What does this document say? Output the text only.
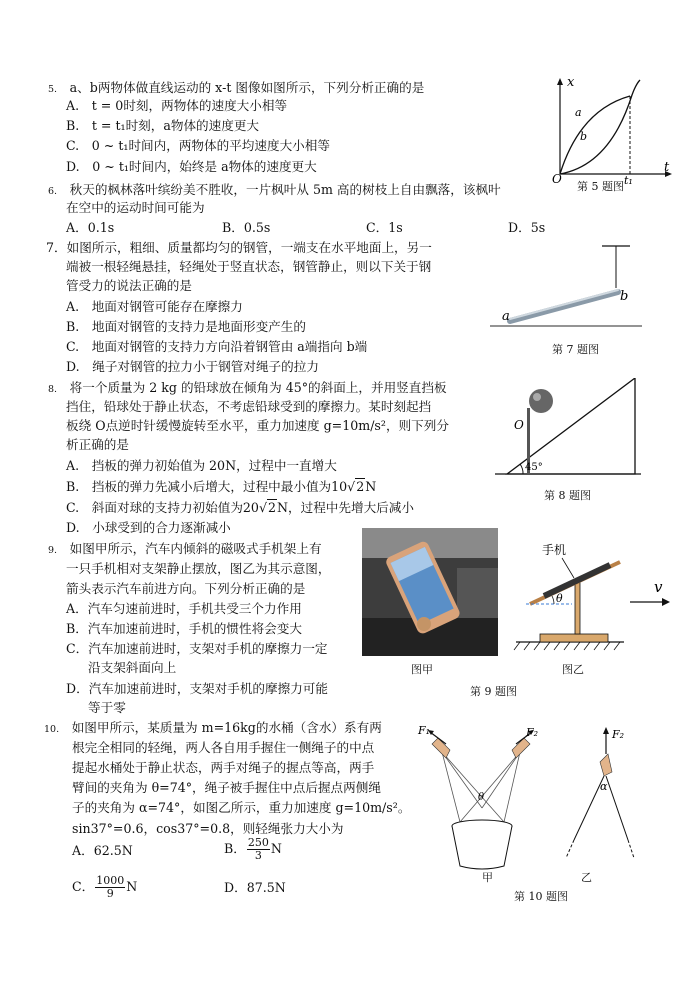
5.　 a、b两物体做直线运动的 x-t 图像如图所示，下列分析正确的是
A.　t = 0时刻，两物体的速度大小相等
B.　t = t₁时刻，a物体的速度更大
C.　0 ~ t₁时间内，两物体的平均速度大小相等
D.　0 ~ t₁时间内，始终是 a物体的速度更大
x
t
O
a
b
t₁
第 5 题图
6.　 秋天的枫林落叶缤纷美不胜收，一片枫叶从 5m 高的树枝上自由飘落，该枫叶
在空中的运动时间可能为
A．0.1s	B．0.5s	C．1s	D．5s
7．如图所示，粗细、质量都均匀的钢管，一端支在水平地面上，另一
端被一根轻绳悬挂，轻绳处于竖直状态，钢管静止，则以下关于钢
管受力的说法正确的是
A.　地面对钢管可能存在摩擦力
B.　地面对钢管的支持力是地面形变产生的
C.　地面对钢管的支持力方向沿着钢管由 a端指向 b端
D.　绳子对钢管的拉力小于钢管对绳子的拉力
a
b
第 7 题图
8.　 将一个质量为 2 kg 的铅球放在倾角为 45°的斜面上，并用竖直挡板
挡住，铅球处于静止状态，不考虑铅球受到的摩擦力。某时刻起挡
板绕 O点逆时针缓慢旋转至水平，重力加速度 g=10m/s²，则下列分
析正确的是
A.　挡板的弹力初始值为 20N，过程中一直增大
B.　挡板的弹力先减小后增大，过程中最小值为10√2N
C.　斜面对球的支持力初始值为20√2N，过程中先增大后减小
D.　小球受到的合力逐渐减小
O
45°
第 8 题图
9.　 如图甲所示，汽车内倾斜的磁吸式手机架上有
一只手机相对支架静止摆放，图乙为其示意图，
箭头表示汽车前进方向。下列分析正确的是
A．汽车匀速前进时，手机共受三个力作用
B．汽车加速前进时，手机的惯性将会变大
C．汽车加速前进时，支架对手机的摩擦力一定
沿支架斜面向上
D．汽车加速前进时，支架对手机的摩擦力可能
等于零
图甲
手机
θ
v
图乙
第 9 题图
10.　 如图甲所示，某质量为 m=16kg的水桶（含水）系有两
根完全相同的轻绳，两人各自用手握住一侧绳子的中点
提起水桶处于静止状态，两手对绳子的握点等高，两手
臂间的夹角为 θ=74°，绳子被手握住中点后握点两侧绳
子的夹角为 α=74°，如图乙所示，重力加速度 g=10m/s²。
sin37°=0.6，cos37°=0.8，则轻绳张力大小为
A．62.5N	B． $\frac{250}{3}$ N
C． $\frac{1000}{9}$ N	D．87.5N
F₁	F₂
θ
甲
F₂
α
乙
第 10 题图
